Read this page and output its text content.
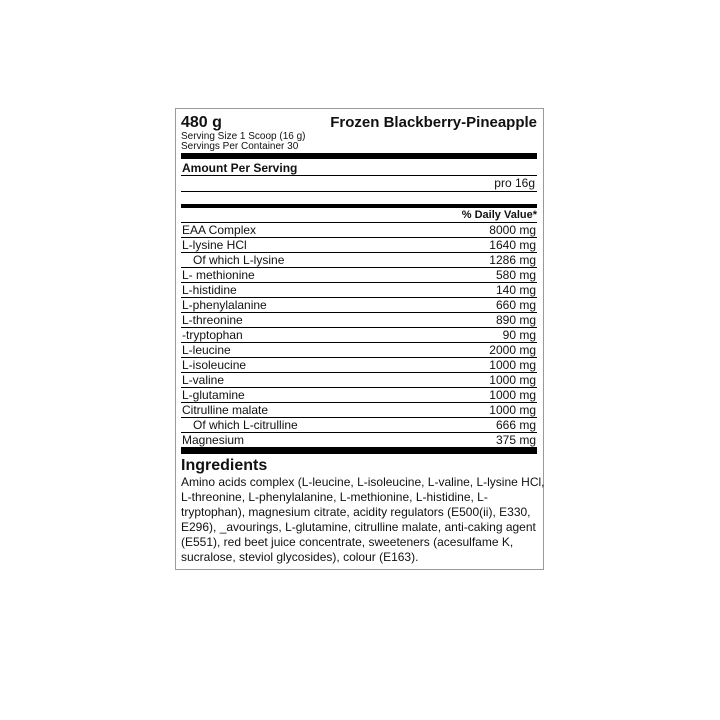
480 g	Frozen Blackberry-Pineapple
Serving Size 1 Scoop (16 g)
Servings Per Container 30
Amount Per Serving
pro 16g
% Daily Value*
EAA Complex	8000 mg
L-lysine HCl	1640 mg
Of which L-lysine	1286 mg
L- methionine	580 mg
L-histidine	140 mg
L-phenylalanine	660 mg
L-threonine	890 mg
-tryptophan	90 mg
L-leucine	2000 mg
L-isoleucine	1000 mg
L-valine	1000 mg
L-glutamine	1000 mg
Citrulline malate	1000 mg
Of which L-citrulline	666 mg
Magnesium	375 mg
Ingredients
Amino acids complex (L-leucine, L-isoleucine, L-valine, L-lysine HCl, L-threonine, L-phenylalanine, L-methionine, L-histidine, L-tryptophan), magnesium citrate, acidity regulators (E500(ii), E330, E296), _avourings, L-glutamine, citrulline malate, anti-caking agent (E551), red beet juice concentrate, sweeteners (acesulfame K, sucralose, steviol glycosides), colour (E163).
